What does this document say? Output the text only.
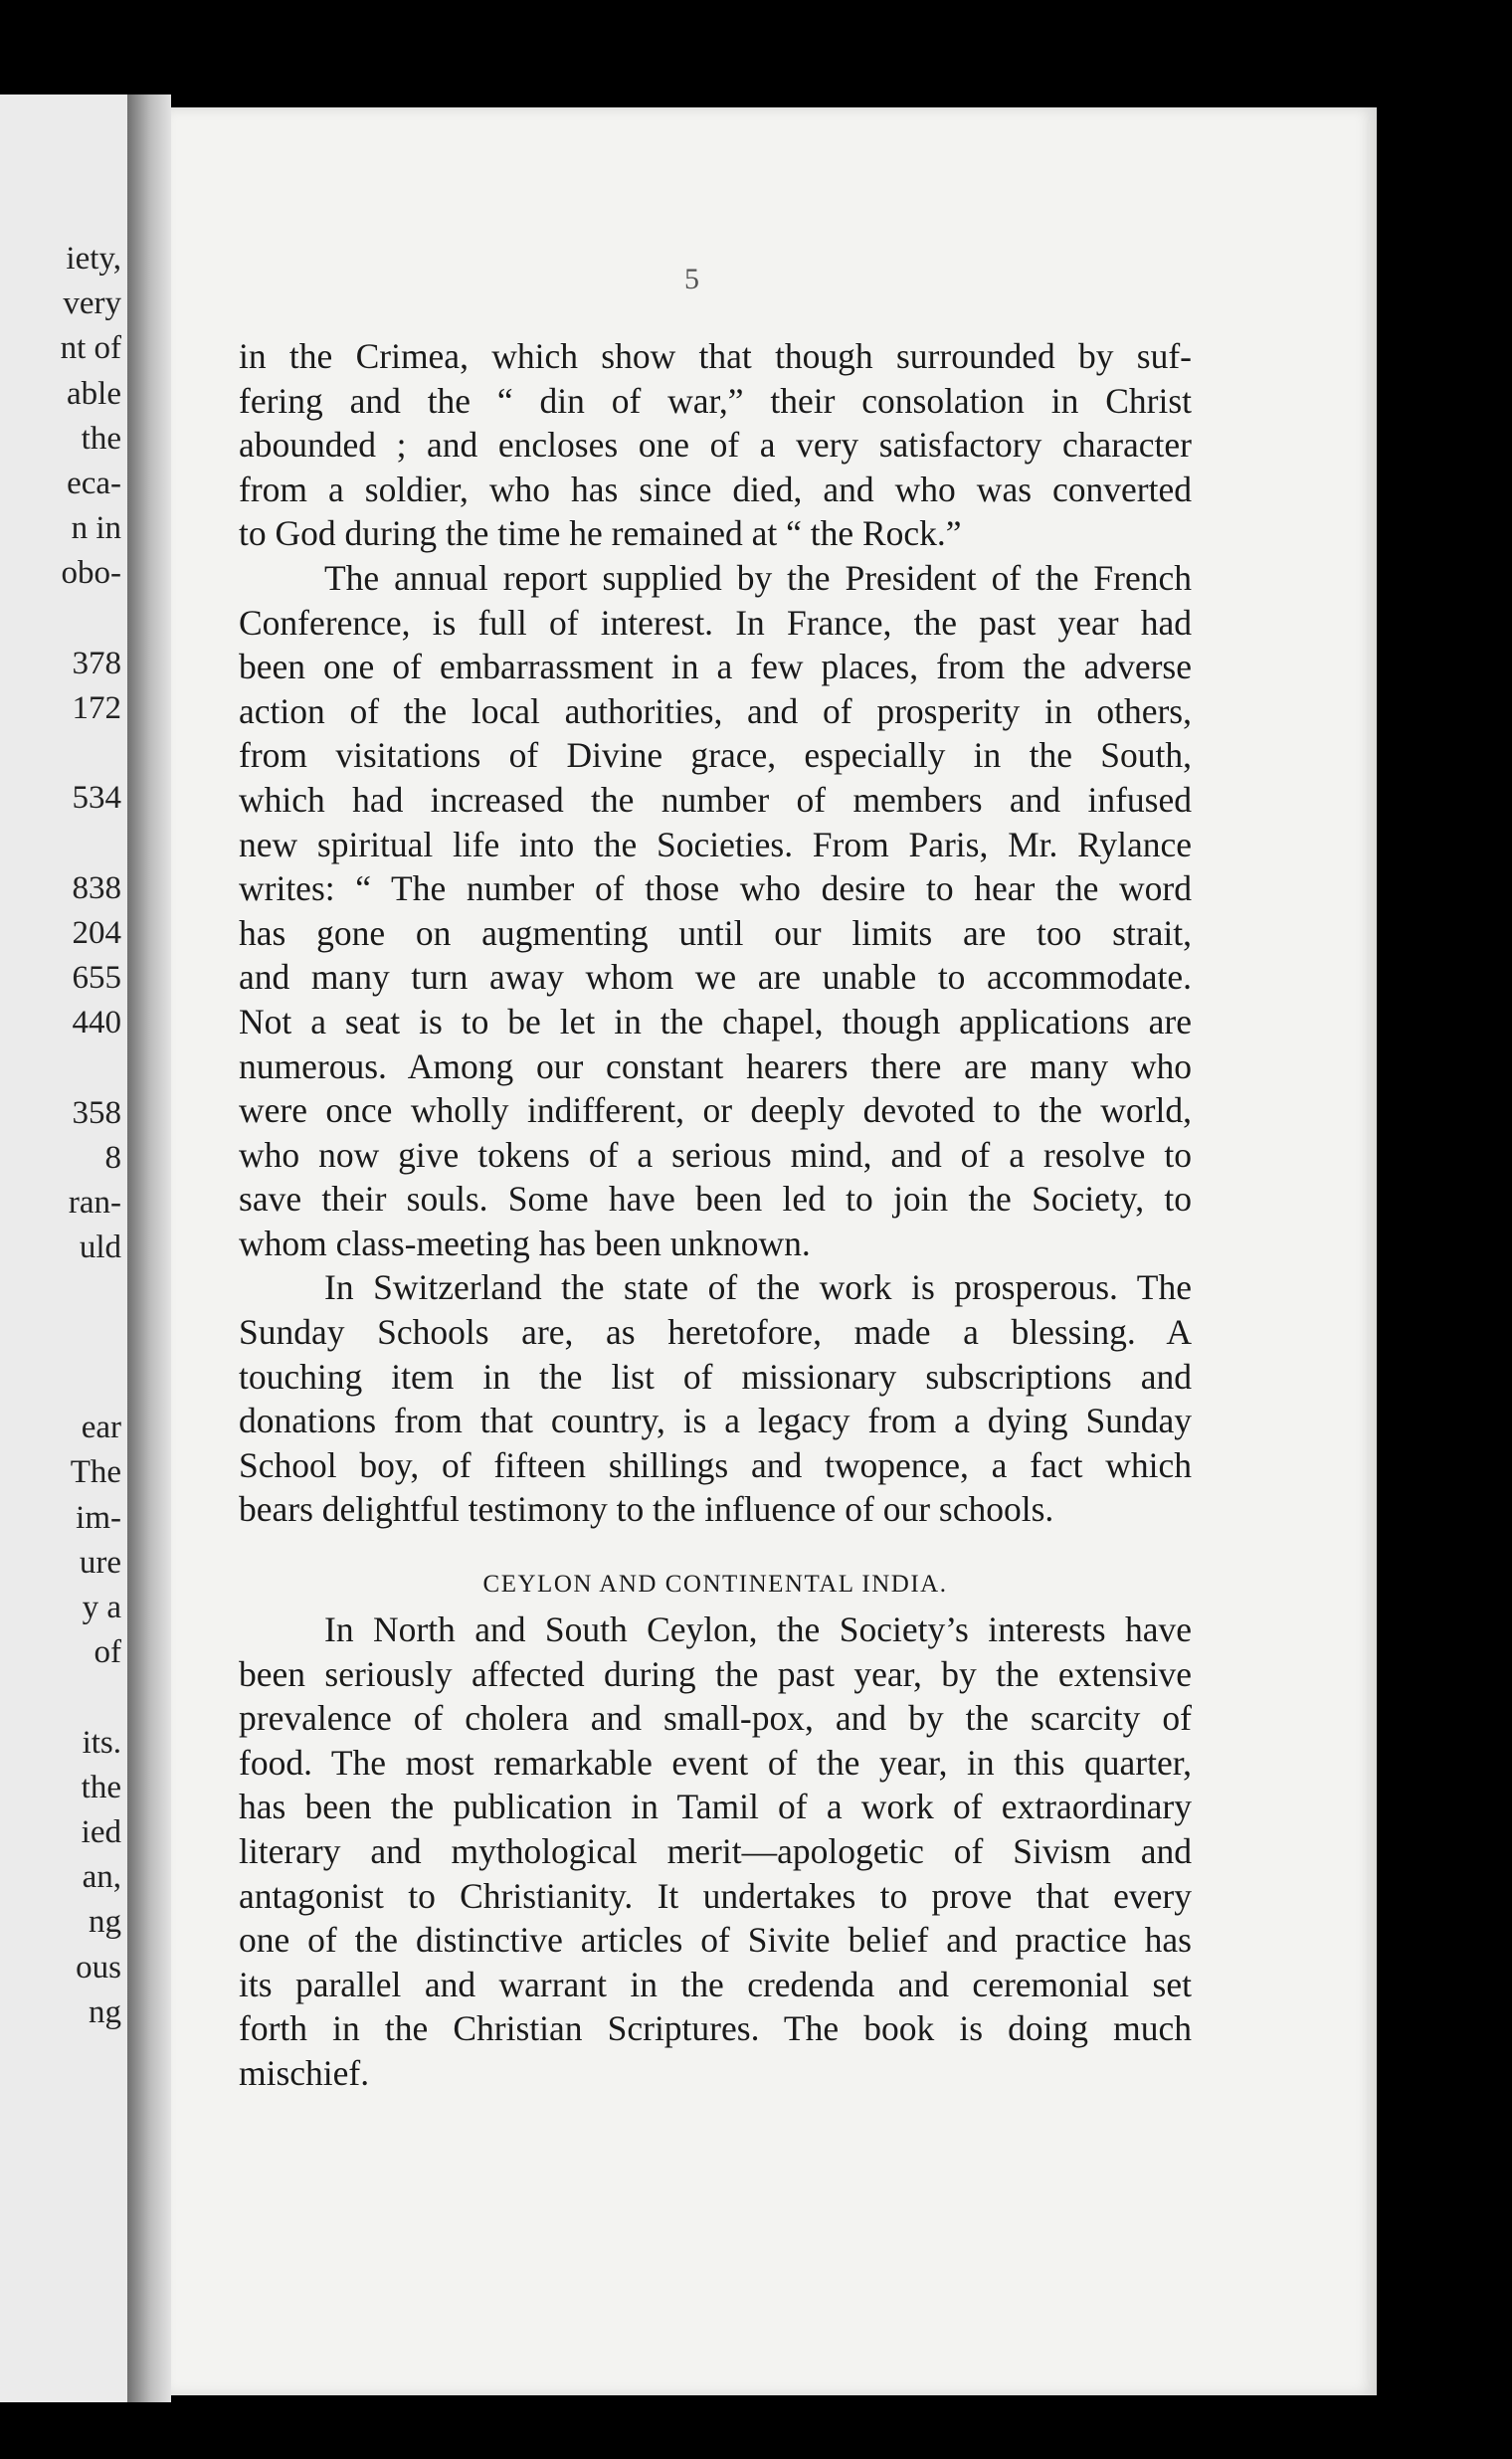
iety,
very
nt of
able
the
eca-
n in
obo-
378
172
534
838
204
655
440
358
8
ran-
uld
ear
The
im-
ure
y a
of
its.
the
ied
an,
ng
ous
ng
5
in the Crimea, which show that though surrounded by suf-
fering and the “ din of war,” their consolation in Christ
abounded ; and encloses one of a very satisfactory character
from a soldier, who has since died, and who was converted
to God during the time he remained at “ the Rock.”
The annual report supplied by the President of the French
Conference, is full of interest. In France, the past year had
been one of embarrassment in a few places, from the adverse
action of the local authorities, and of prosperity in others,
from visitations of Divine grace, especially in the South,
which had increased the number of members and infused
new spiritual life into the Societies. From Paris, Mr. Rylance
writes: “ The number of those who desire to hear the word
has gone on augmenting until our limits are too strait,
and many turn away whom we are unable to accommodate.
Not a seat is to be let in the chapel, though applications are
numerous. Among our constant hearers there are many who
were once wholly indifferent, or deeply devoted to the world,
who now give tokens of a serious mind, and of a resolve to
save their souls. Some have been led to join the Society, to
whom class-meeting has been unknown.
In Switzerland the state of the work is prosperous. The
Sunday Schools are, as heretofore, made a blessing. A
touching item in the list of missionary subscriptions and
donations from that country, is a legacy from a dying Sunday
School boy, of fifteen shillings and twopence, a fact which
bears delightful testimony to the influence of our schools.
CEYLON AND CONTINENTAL INDIA.
In North and South Ceylon, the Society’s interests have
been seriously affected during the past year, by the extensive
prevalence of cholera and small-pox, and by the scarcity of
food. The most remarkable event of the year, in this quarter,
has been the publication in Tamil of a work of extraordinary
literary and mythological merit—apologetic of Sivism and
antagonist to Christianity. It undertakes to prove that every
one of the distinctive articles of Sivite belief and practice has
its parallel and warrant in the credenda and ceremonial set
forth in the Christian Scriptures. The book is doing much
mischief.
